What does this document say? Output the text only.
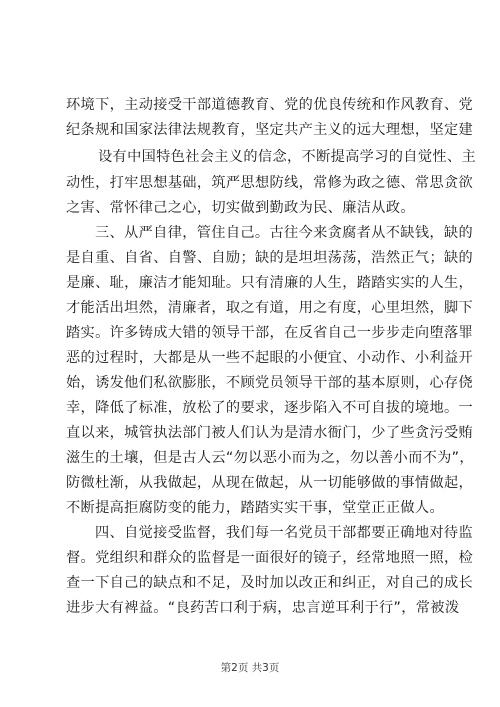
环境下，主动接受干部道德教育、党的优良传统和作风教育、党
纪条规和国家法律法规教育，坚定共产主义的远大理想，坚定建
设有中国特色社会主义的信念，不断提高学习的自觉性、主
动性，打牢思想基础，筑严思想防线，常修为政之德、常思贪欲
之害、常怀律己之心，切实做到勤政为民、廉洁从政。
三、从严自律，管住自己。古往今来贪腐者从不缺钱，缺的
是自重、自省、自警、自励；缺的是坦坦荡荡，浩然正气；缺的
是廉、耻，廉洁才能知耻。只有清廉的人生，踏踏实实的人生，
才能活出坦然，清廉者，取之有道，用之有度，心里坦然，脚下
踏实。许多铸成大错的领导干部，在反省自己一步步走向堕落罪
恶的过程时，大都是从一些不起眼的小便宜、小动作、小利益开
始，诱发他们私欲膨胀，不顾党员领导干部的基本原则，心存侥
幸，降低了标准，放松了的要求，逐步陷入不可自拔的境地。一
直以来，城管执法部门被人们认为是清水衙门，少了些贪污受贿
滋生的土壤，但是古人云“勿以恶小而为之，勿以善小而不为”，
防微杜渐，从我做起，从现在做起，从一切能够做的事情做起，
不断提高拒腐防变的能力，踏踏实实干事，堂堂正正做人。
四、自觉接受监督，我们每一名党员干部都要正确地对待监
督。党组织和群众的监督是一面很好的镜子，经常地照一照，检
查一下自己的缺点和不足，及时加以改正和纠正，对自己的成长
进步大有裨益。“良药苦口利于病，忠言逆耳利于行”，常被泼
第2页 共3页
